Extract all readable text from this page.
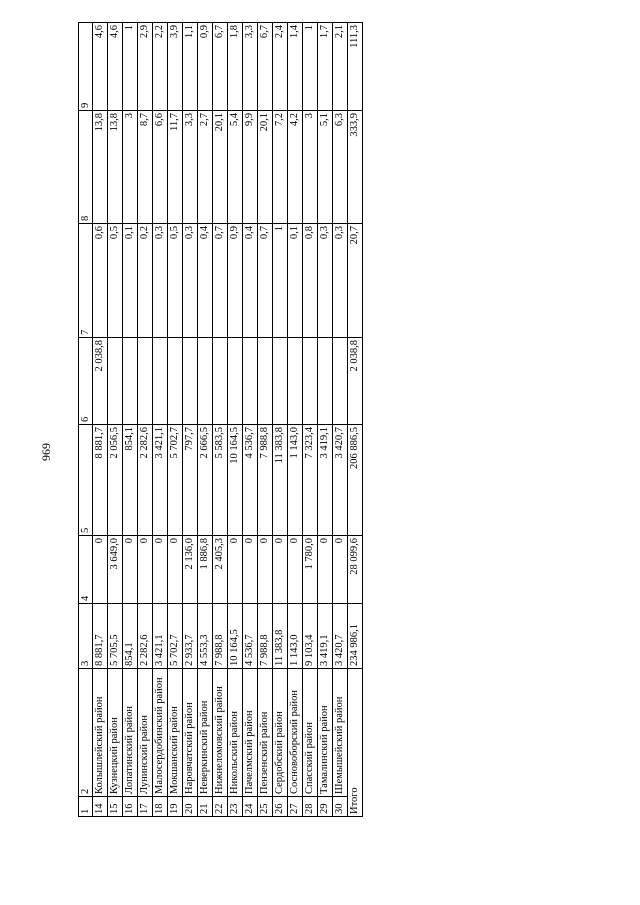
969
1	2	3	4	5	6	7	8	9
14	Колышлейский район	8 881,7	0	8 881,7	2 038,8	0,6	13,8	4,6
15	Кузнецкий район	5 705,5	3 649,0	2 056,5		0,5	13,8	4,6
16	Лопатинский район	854,1	0	854,1		0,1	3	1
17	Лунинский район	2 282,6	0	2 282,6		0,2	8,7	2,9
18	Малосердобинский район	3 421,1	0	3 421,1		0,3	6,6	2,2
19	Мокшанский район	5 702,7	0	5 702,7		0,5	11,7	3,9
20	Наровчатский район	2 933,7	2 136,0	797,7		0,3	3,3	1,1
21	Неверкинский район	4 553,3	1 886,8	2 666,5		0,4	2,7	0,9
22	Нижнеломовский район	7 988,8	2 405,3	5 583,5		0,7	20,1	6,7
23	Никольский район	10 164,5	0	10 164,5		0,9	5,4	1,8
24	Пачелмский район	4 536,7	0	4 536,7		0,4	9,9	3,3
25	Пензенский район	7 988,8	0	7 988,8		0,7	20,1	6,7
26	Сердобский район	11 383,8	0	11 383,8		1	7,2	2,4
27	Сосновоборский район	1 143,0	0	1 143,0		0,1	4,2	1,4
28	Спасский район	9 103,4	1 780,0	7 323,4		0,8	3	1
29	Тамалинский район	3 419,1	0	3 419,1		0,3	5,1	1,7
30	Шемышейский район	3 420,7	0	3 420,7		0,3	6,3	2,1
Итого		234 986,1	28 099,6	206 886,5	2 038,8	20,7	333,9	111,3
